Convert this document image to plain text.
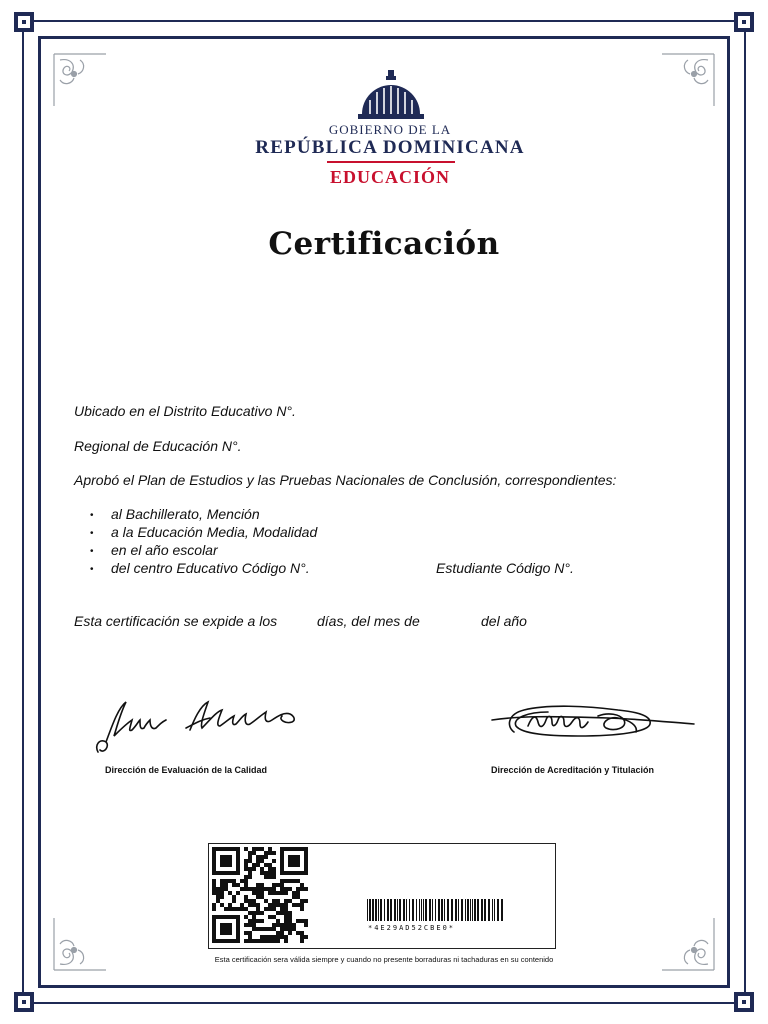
GOBIERNO DE LA
REPÚBLICA DOMINICANA
EDUCACIÓN
Certificación
Ubicado en el Distrito Educativo N°.
Regional de Educación N°.
Aprobó el Plan de Estudios y las Pruebas Nacionales de Conclusión, correspondientes:
• al Bachillerato, Mención
• a la Educación Media, Modalidad
• en el año escolar
• del centro Educativo Código N°.	Estudiante Código N°.
Esta certificación se expide a los	días, del mes de	del año
Dirección de Evaluación de la Calidad	Dirección de Acreditación y Titulación
*4E29AD52CBE0*
Esta certificación sera válida siempre y cuando no presente borraduras ni tachaduras en su contenido
